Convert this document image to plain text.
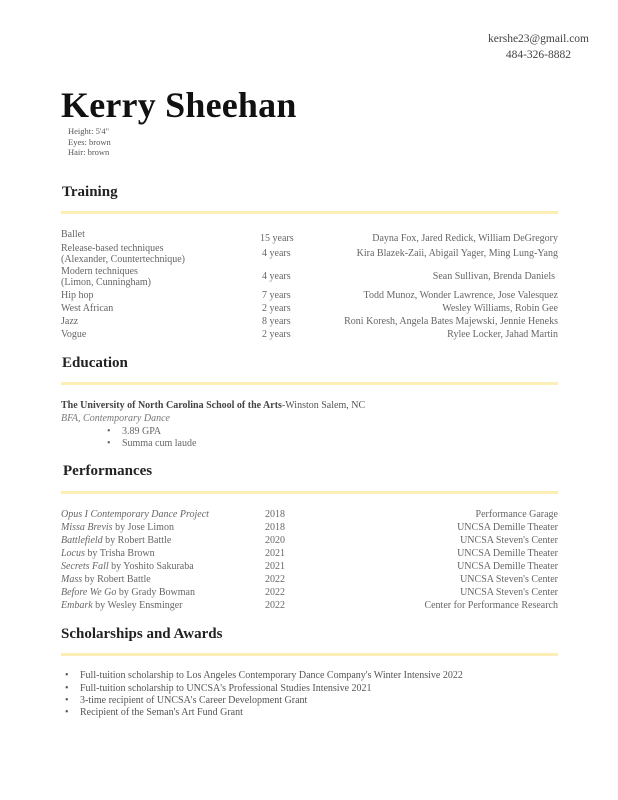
kershe23@gmail.com
484-326-8882
Kerry Sheehan
Height: 5'4"
Eyes: brown
Hair: brown
Training
Ballet	15 years	Dayna Fox, Jared Redick, William DeGregory
Release-based techniques
(Alexander, Countertechnique)
4 years	Kira Blazek-Zaii, Abigail Yager, Ming Lung-Yang
Modern techniques
(Limon, Cunningham)
4 years	Sean Sullivan, Brenda Daniels
Hip hop	7 years	Todd Munoz, Wonder Lawrence, Jose Valesquez
West African	2 years	Wesley Williams, Robin Gee
Jazz	8 years	Roni Koresh, Angela Bates Majewski, Jennie Heneks
Vogue	2 years	Rylee Locker, Jahad Martin
Education
The University of North Carolina School of the Arts-Winston Salem, NC
BFA, Contemporary Dance
• 3.89 GPA
• Summa cum laude
Performances
Opus I Contemporary Dance Project	2018	Performance Garage
Missa Brevis by Jose Limon	2018	UNCSA Demille Theater
Battlefield by Robert Battle	2020	UNCSA Steven's Center
Locus by Trisha Brown	2021	UNCSA Demille Theater
Secrets Fall by Yoshito Sakuraba	2021	UNCSA Demille Theater
Mass by Robert Battle	2022	UNCSA Steven's Center
Before We Go by Grady Bowman	2022	UNCSA Steven's Center
Embark by Wesley Ensminger	2022	Center for Performance Research
Scholarships and Awards
• Full-tuition scholarship to Los Angeles Contemporary Dance Company's Winter Intensive 2022
• Full-tuition scholarship to UNCSA's Professional Studies Intensive 2021
• 3-time recipient of UNCSA's Career Development Grant
• Recipient of the Seman's Art Fund Grant
